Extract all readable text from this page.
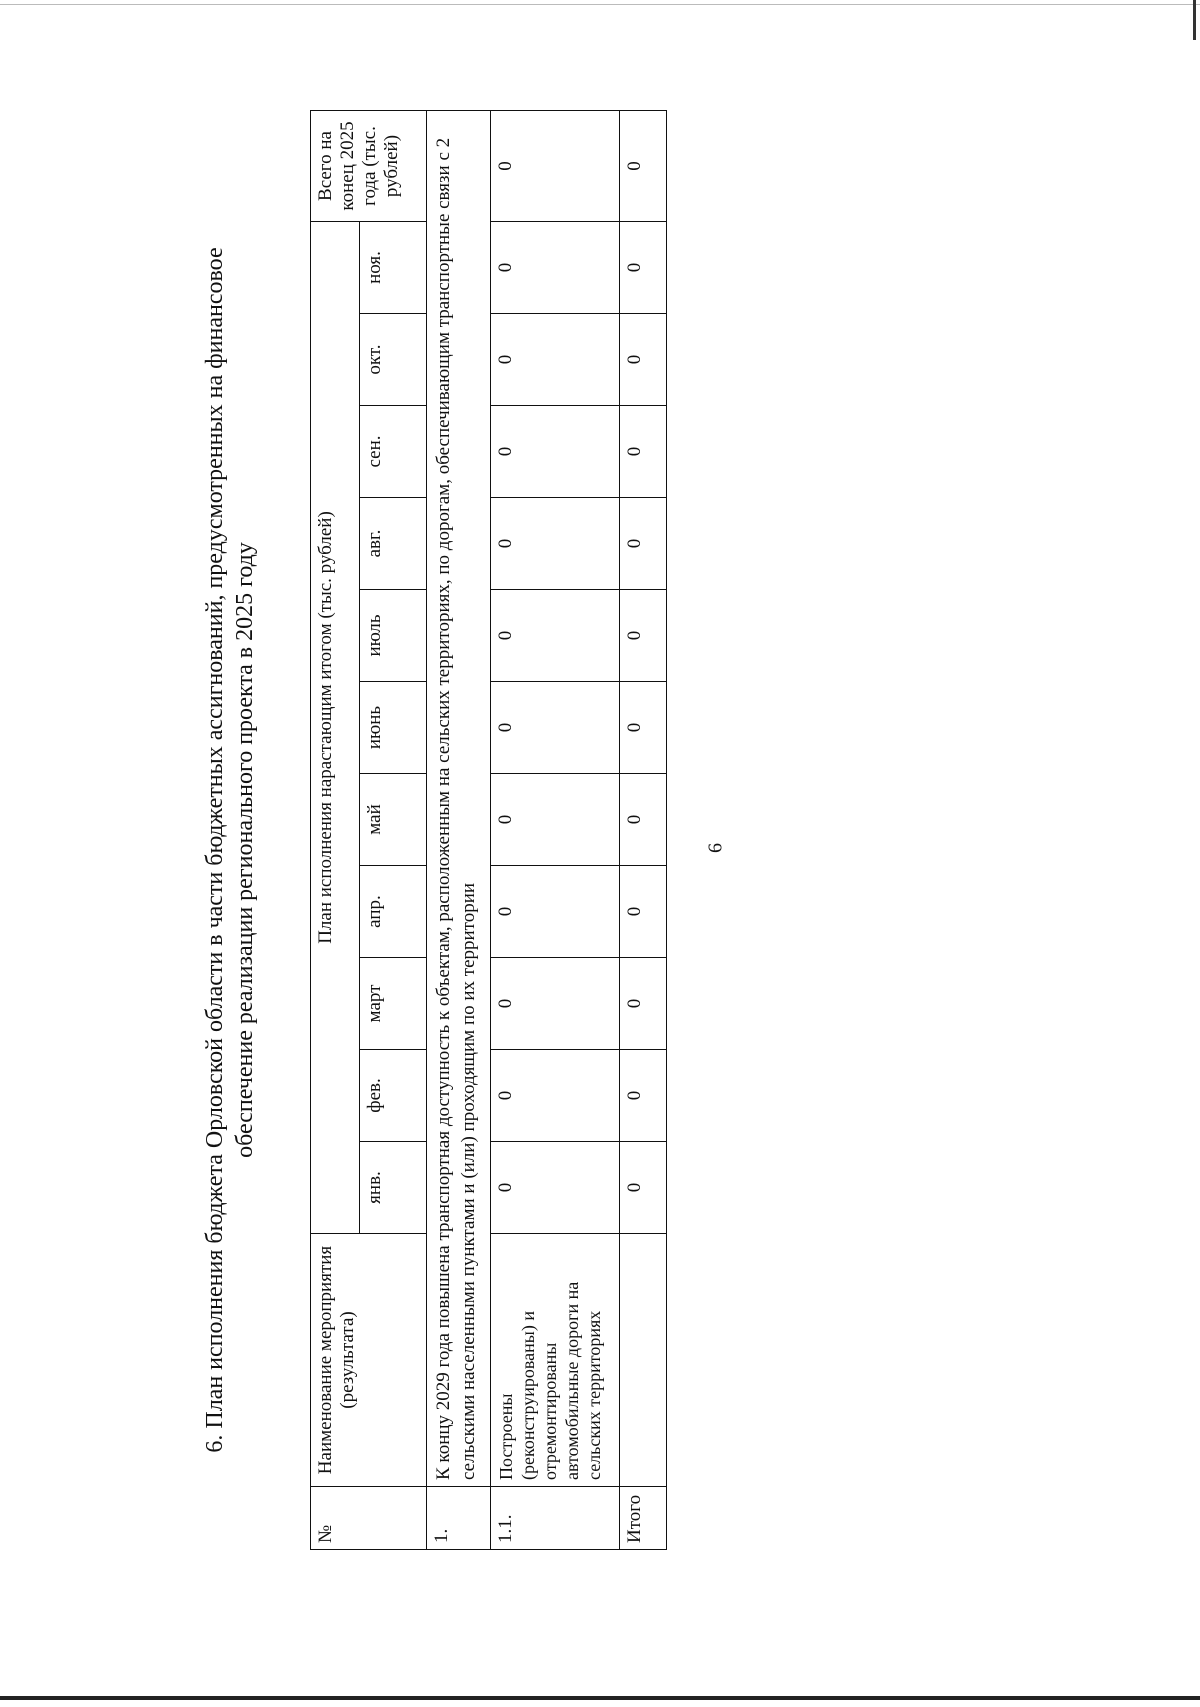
6
6. План исполнения бюджета Орловской области в части бюджетных ассигнований, предусмотренных на финансовое обеспечение реализации регионального проекта в 2025 году
№	Наименование мероприятия (результата)	План исполнения нарастающим итогом (тыс. рублей)											Всего на конец 2025 года (тыс. рублей)
		янв.	фев.	март	апр.	май	июнь	июль	авг.	сен.	окт.	ноя.	
1.	К концу 2029 года повышена транспортная доступность к объектам, расположенным на сельских территориях, по дорогам, обеспечивающим транспортные связи с 2 сельскими населенными пунктами и (или) проходящим по их территории												
1.1.	Построены (реконструированы) и отремонтированы автомобильные дороги на сельских территориях	0	0	0	0	0	0	0	0	0	0	0	0
Итого		0	0	0	0	0	0	0	0	0	0	0	0
